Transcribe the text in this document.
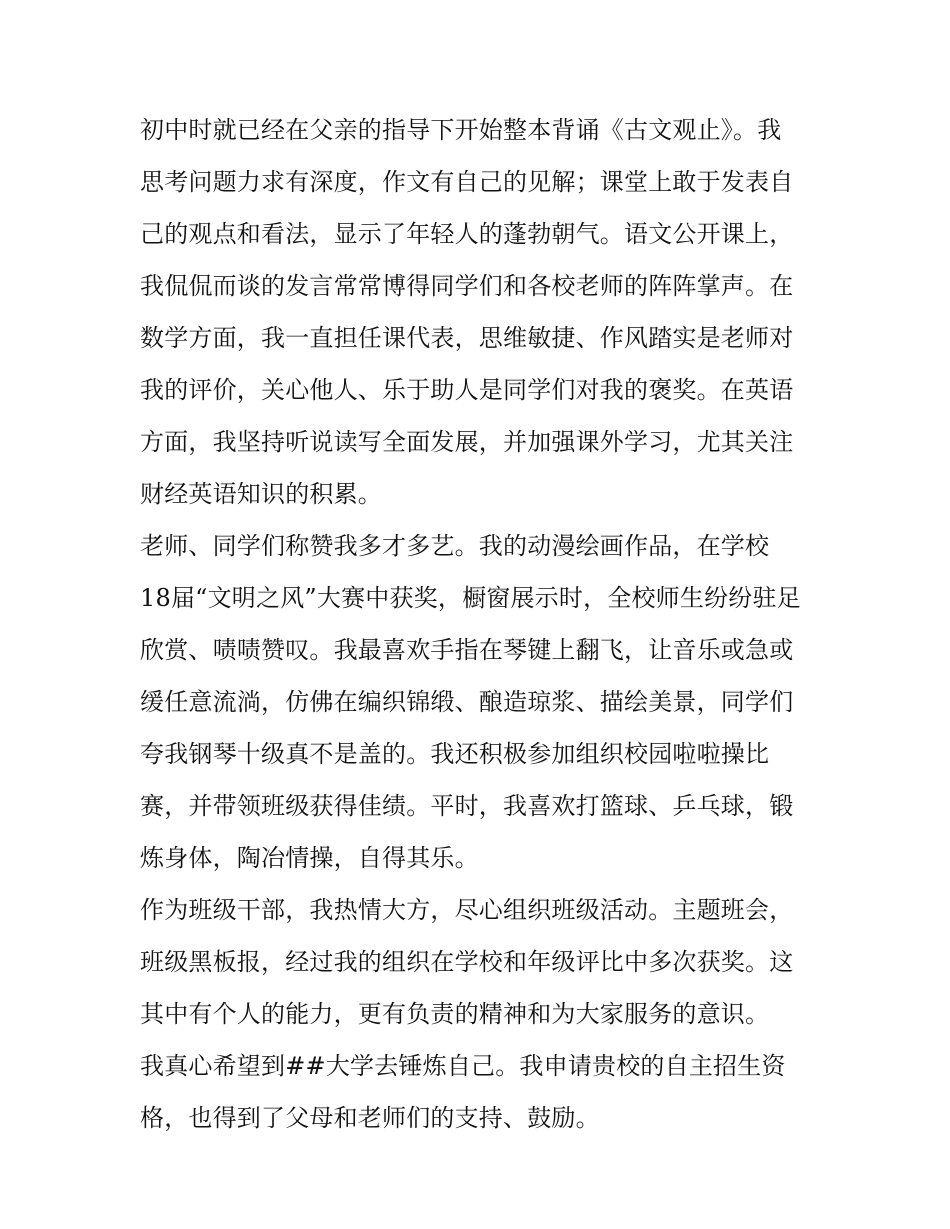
初中时就已经在父亲的指导下开始整本背诵《古文观止》。我
思考问题力求有深度，作文有自己的见解；课堂上敢于发表自
己的观点和看法，显示了年轻人的蓬勃朝气。语文公开课上，
我侃侃而谈的发言常常博得同学们和各校老师的阵阵掌声。在
数学方面，我一直担任课代表，思维敏捷、作风踏实是老师对
我的评价，关心他人、乐于助人是同学们对我的褒奖。在英语
方面，我坚持听说读写全面发展，并加强课外学习，尤其关注
财经英语知识的积累。
老师、同学们称赞我多才多艺。我的动漫绘画作品，在学校
18届“文明之风”大赛中获奖，橱窗展示时，全校师生纷纷驻足
欣赏、啧啧赞叹。我最喜欢手指在琴键上翻飞，让音乐或急或
缓任意流淌，仿佛在编织锦缎、酿造琼浆、描绘美景，同学们
夸我钢琴十级真不是盖的。我还积极参加组织校园啦啦操比
赛，并带领班级获得佳绩。平时，我喜欢打篮球、乒乓球，锻
炼身体，陶冶情操，自得其乐。
作为班级干部，我热情大方，尽心组织班级活动。主题班会，
班级黑板报，经过我的组织在学校和年级评比中多次获奖。这
其中有个人的能力，更有负责的精神和为大家服务的意识。
我真心希望到##大学去锤炼自己。我申请贵校的自主招生资
格，也得到了父母和老师们的支持、鼓励。
